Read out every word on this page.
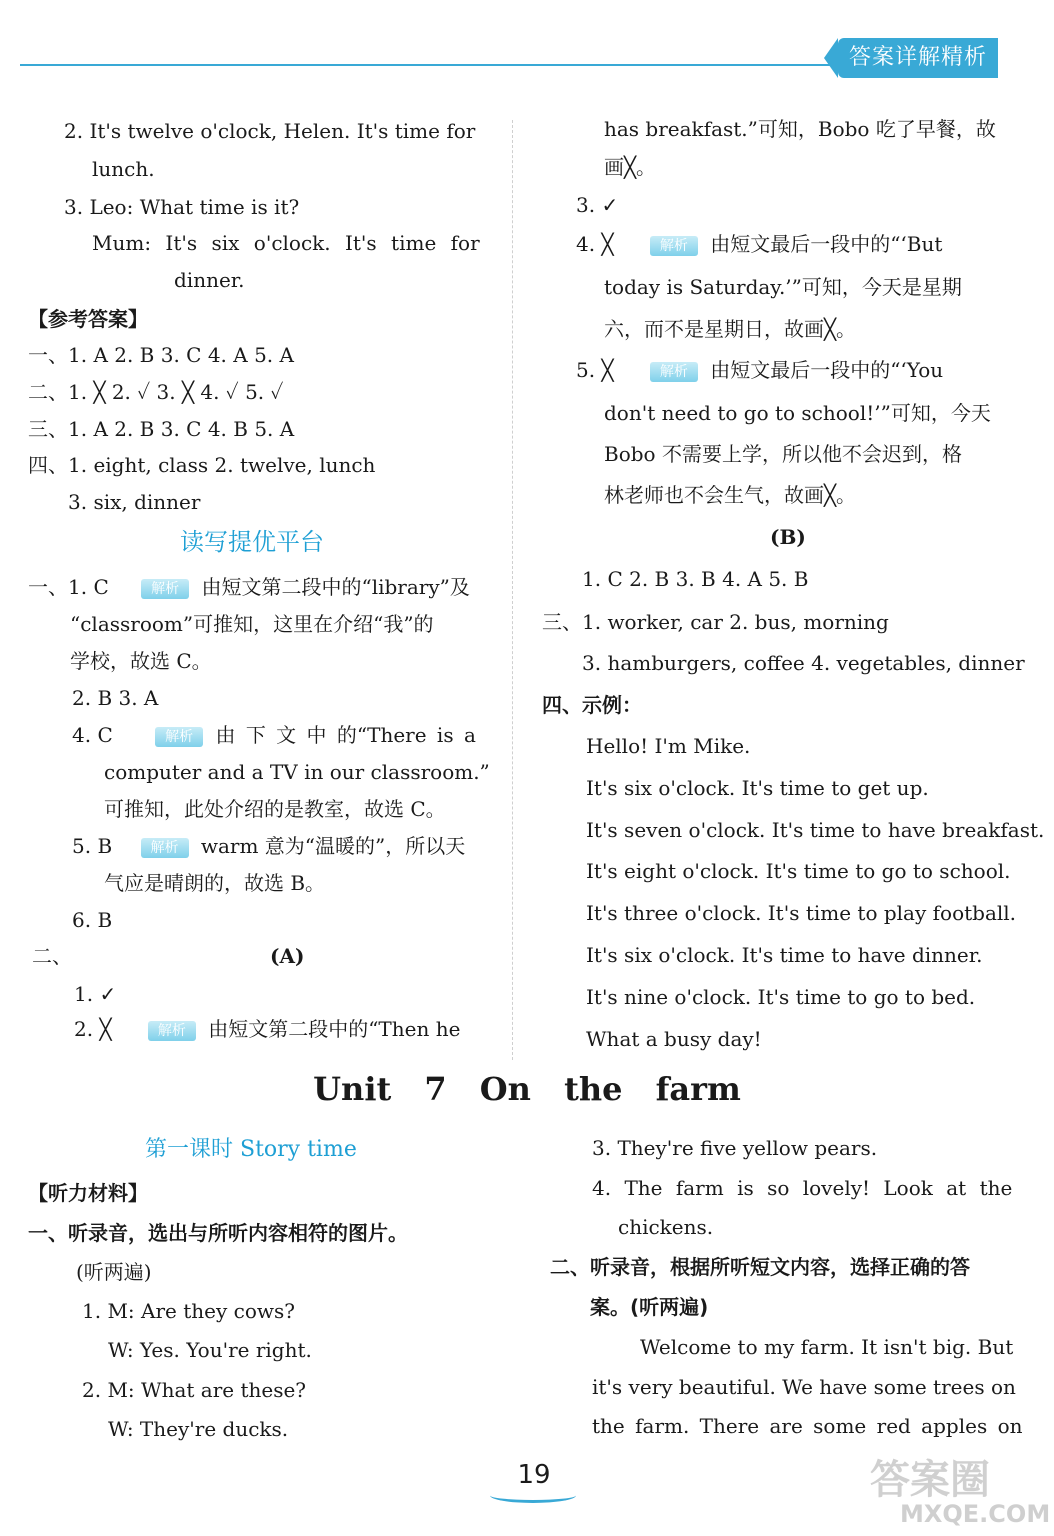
答案详解精析
2. It's twelve o'clock, Helen. It's time for
lunch.
3. Leo: What time is it?
Mum: It's six o'clock. It's time for
dinner.
【参考答案】
一、1. A 2. B 3. C 4. A 5. A
二、1. ╳ 2. ✓ 3. ╳ 4. ✓ 5. ✓
三、1. A 2. B 3. C 4. B 5. A
四、1. eight, class 2. twelve, lunch
3. six, dinner
读写提优平台
一、1. C	解析 由短文第二段中的“library”及
“classroom”可推知，这里在介绍“我”的
学校，故选 C。
2. B 3. A
4. C	解析 由 下 文 中 的“There is a
computer and a TV in our classroom.”
可推知，此处介绍的是教室，故选 C。
5. B	解析 warm 意为“温暖的”，所以天
气应是晴朗的，故选 B。
6. B
二、	(A)
1. ✓
2. ╳	解析 由短文第二段中的“Then he
has breakfast.”可知，Bobo 吃了早餐，故
画╳。
3. ✓
4. ╳	解析 由短文最后一段中的“‘But
today is Saturday.’”可知，今天是星期
六，而不是星期日，故画╳。
5. ╳	解析 由短文最后一段中的“‘You
don't need to go to school!’”可知，今天
Bobo 不需要上学，所以他不会迟到，格
林老师也不会生气，故画╳。
(B)
1. C 2. B 3. B 4. A 5. B
三、1. worker, car 2. bus, morning
3. hamburgers, coffee 4. vegetables, dinner
四、示例：
Hello! I'm Mike.
It's six o'clock. It's time to get up.
It's seven o'clock. It's time to have breakfast.
It's eight o'clock. It's time to go to school.
It's three o'clock. It's time to play football.
It's six o'clock. It's time to have dinner.
It's nine o'clock. It's time to go to bed.
What a busy day!
Unit 7 On the farm
第一课时 Story time
【听力材料】
一、听录音，选出与所听内容相符的图片。
(听两遍)
1. M: Are they cows?
W: Yes. You're right.
2. M: What are these?
W: They're ducks.
3. They're five yellow pears.
4. The farm is so lovely! Look at the
chickens.
二、听录音，根据所听短文内容，选择正确的答
案。(听两遍)
Welcome to my farm. It isn't big. But
it's very beautiful. We have some trees on
the farm. There are some red apples on
19	答案圈
MXQE.COM
